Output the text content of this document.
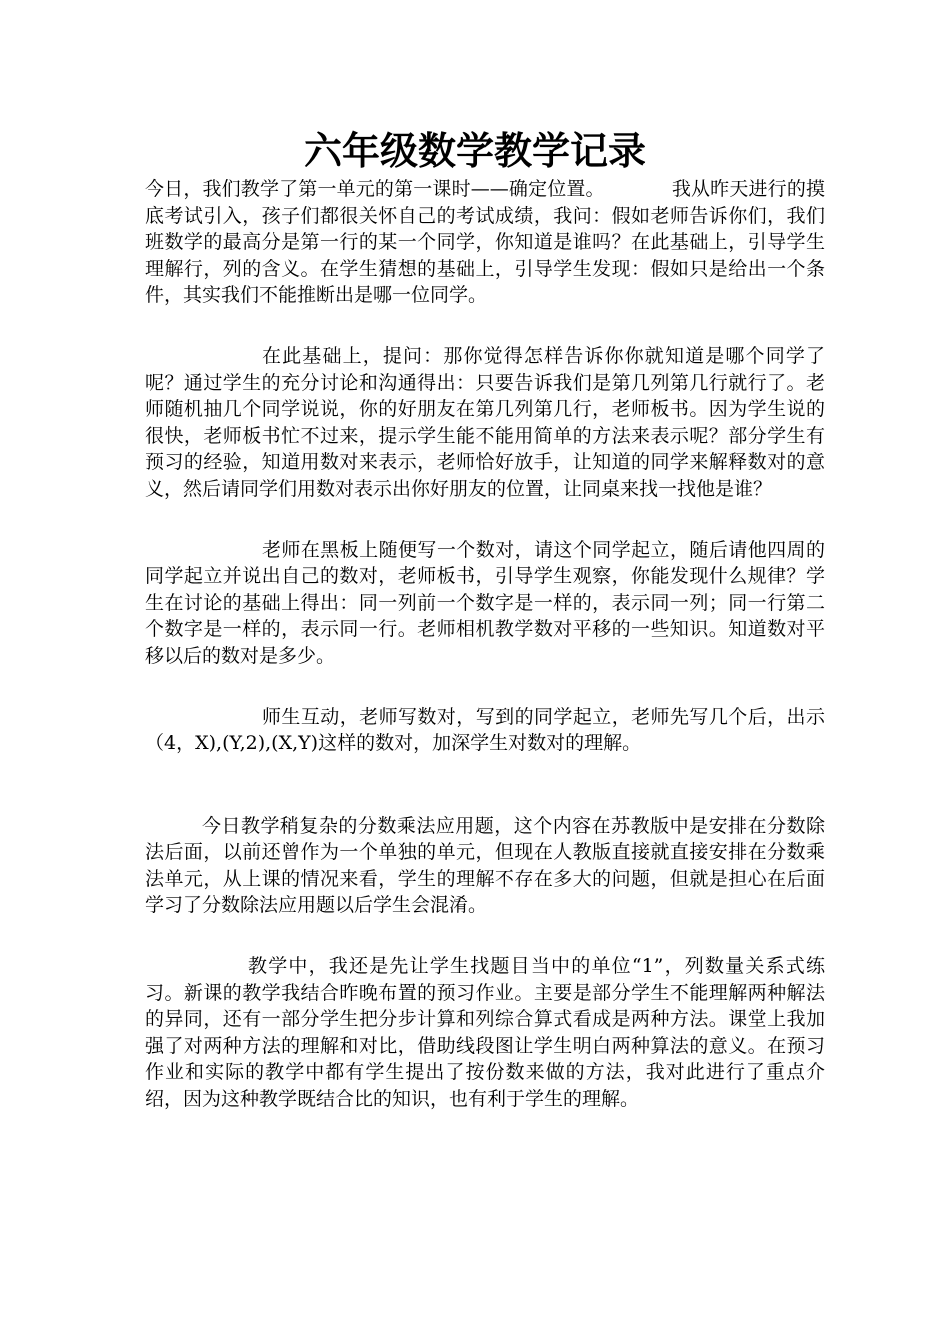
六年级数学教学记录

今日，我们教学了第一单元的第一课时——确定位置。　　　　我从昨天进行的摸底考试引入，孩子们都很关怀自己的考试成绩，我问：假如老师告诉你们，我们班数学的最高分是第一行的某一个同学，你知道是谁吗？在此基础上，引导学生理解行，列的含义。在学生猜想的基础上，引导学生发现：假如只是给出一个条件，其实我们不能推断出是哪一位同学。

在此基础上，提问：那你觉得怎样告诉你你就知道是哪个同学了呢？通过学生的充分讨论和沟通得出：只要告诉我们是第几列第几行就行了。老师随机抽几个同学说说，你的好朋友在第几列第几行，老师板书。因为学生说的很快，老师板书忙不过来，提示学生能不能用简单的方法来表示呢？部分学生有预习的经验，知道用数对来表示，老师恰好放手，让知道的同学来解释数对的意义，然后请同学们用数对表示出你好朋友的位置，让同桌来找一找他是谁？

老师在黑板上随便写一个数对，请这个同学起立，随后请他四周的同学起立并说出自己的数对，老师板书，引导学生观察，你能发现什么规律？学生在讨论的基础上得出：同一列前一个数字是一样的，表示同一列；同一行第二个数字是一样的，表示同一行。老师相机教学数对平移的一些知识。知道数对平移以后的数对是多少。

师生互动，老师写数对，写到的同学起立，老师先写几个后，出示（4，X),(Y,2),(X,Y)这样的数对，加深学生对数对的理解。

今日教学稍复杂的分数乘法应用题，这个内容在苏教版中是安排在分数除法后面，以前还曾作为一个单独的单元，但现在人教版直接就直接安排在分数乘法单元，从上课的情况来看，学生的理解不存在多大的问题，但就是担心在后面学习了分数除法应用题以后学生会混淆。

教学中，我还是先让学生找题目当中的单位“1”，列数量关系式练习。新课的教学我结合昨晚布置的预习作业。主要是部分学生不能理解两种解法的异同，还有一部分学生把分步计算和列综合算式看成是两种方法。课堂上我加强了对两种方法的理解和对比，借助线段图让学生明白两种算法的意义。在预习作业和实际的教学中都有学生提出了按份数来做的方法，我对此进行了重点介绍，因为这种教学既结合比的知识，也有利于学生的理解。
